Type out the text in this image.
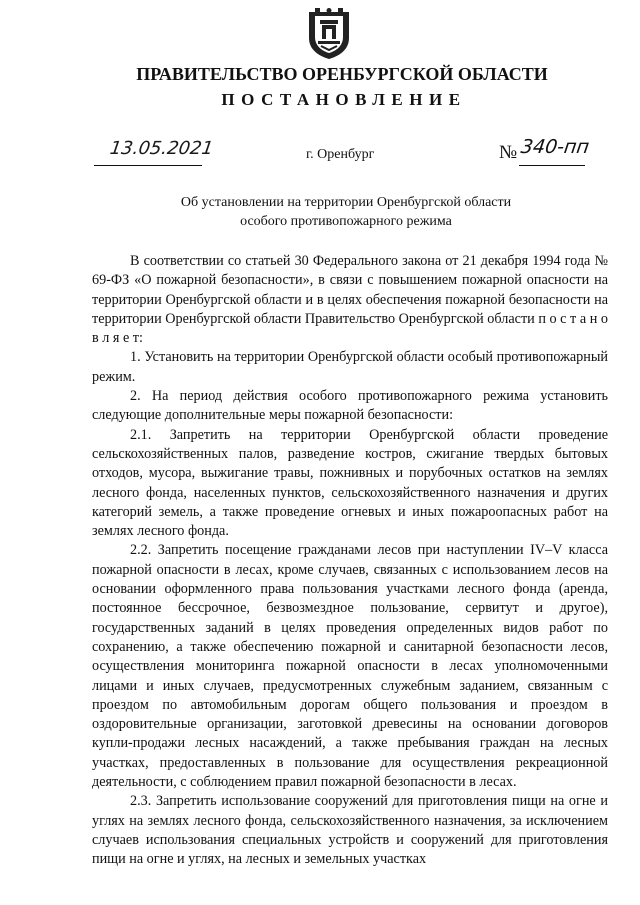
ПРАВИТЕЛЬСТВО ОРЕНБУРГСКОЙ ОБЛАСТИ
ПОСТАНОВЛЕНИЕ
13.05.2021	г. Оренбург	№ 340-пп
Об установлении на территории Оренбургской области
особого противопожарного режима

В соответствии со статьей 30 Федерального закона от 21 декабря 1994 года № 69-ФЗ «О пожарной безопасности», в связи с повышением пожарной опасности на территории Оренбургской области и в целях обеспечения пожарной безопасности на территории Оренбургской области Правительство Оренбургской области п о с т а н о в л я е т:

1. Установить на территории Оренбургской области особый противопожарный режим.

2. На период действия особого противопожарного режима установить следующие дополнительные меры пожарной безопасности:

2.1. Запретить на территории Оренбургской области проведение сельскохозяйственных палов, разведение костров, сжигание твердых бытовых отходов, мусора, выжигание травы, пожнивных и порубочных остатков на землях лесного фонда, населенных пунктов, сельскохозяйственного назначения и других категорий земель, а также проведение огневых и иных пожароопасных работ на землях лесного фонда.

2.2. Запретить посещение гражданами лесов при наступлении IV–V класса пожарной опасности в лесах, кроме случаев, связанных с использованием лесов на основании оформленного права пользования участками лесного фонда (аренда, постоянное бессрочное, безвозмездное пользование, сервитут и другое), государственных заданий в целях проведения определенных видов работ по сохранению, а также обеспечению пожарной и санитарной безопасности лесов, осуществления мониторинга пожарной опасности в лесах уполномоченными лицами и иных случаев, предусмотренных служебным заданием, связанным с проездом по автомобильным дорогам общего пользования и проездом в оздоровительные организации, заготовкой древесины на основании договоров купли-продажи лесных насаждений, а также пребывания граждан на лесных участках, предоставленных в пользование для осуществления рекреационной деятельности, с соблюдением правил пожарной безопасности в лесах.

2.3. Запретить использование сооружений для приготовления пищи на огне и углях на землях лесного фонда, сельскохозяйственного назначения, за исключением случаев использования специальных устройств и сооружений для приготовления пищи на огне и углях, на лесных и земельных участках
